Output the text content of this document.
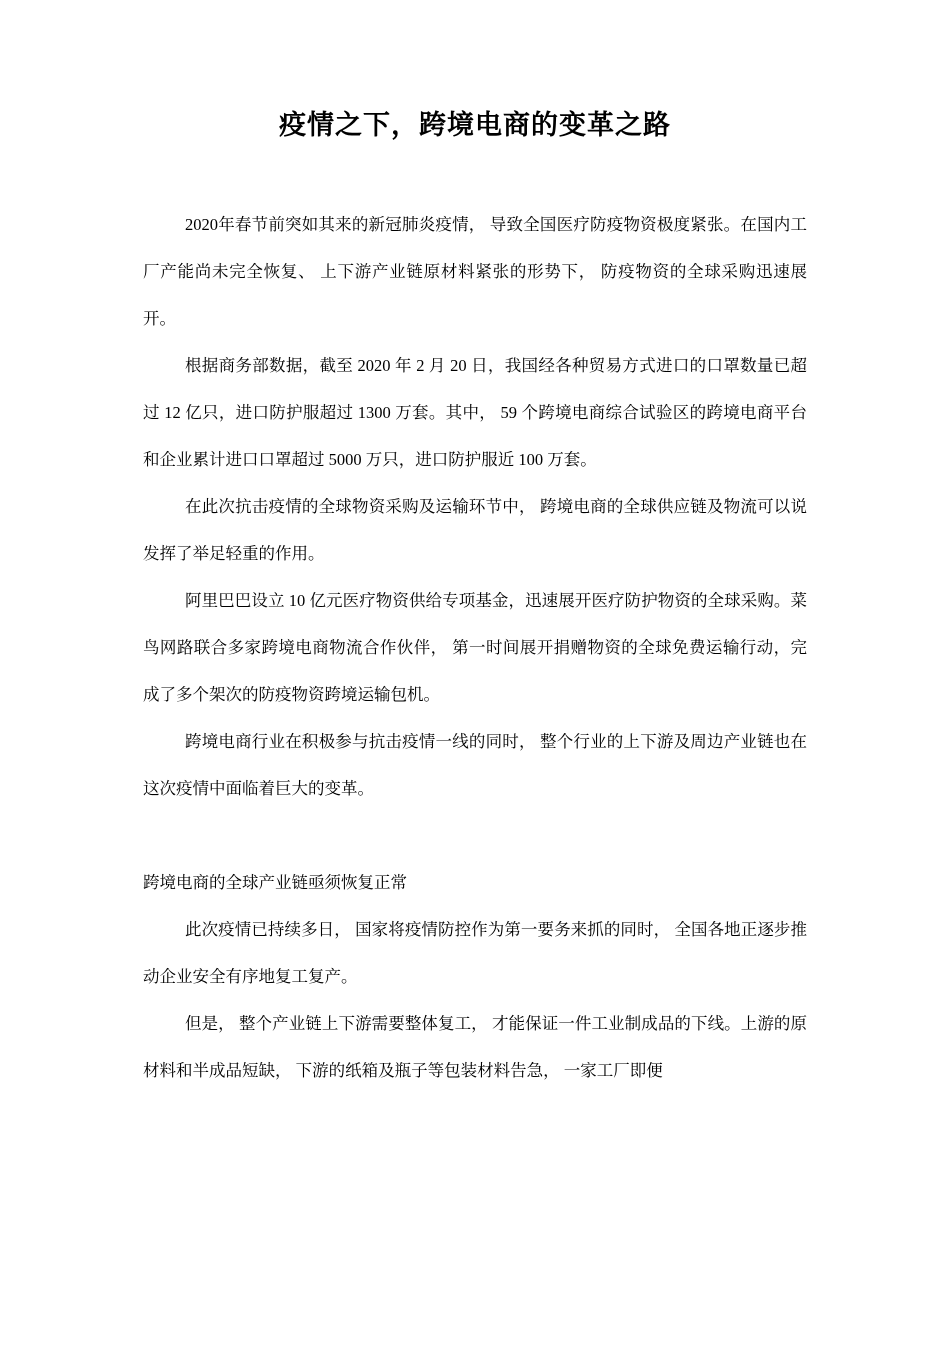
疫情之下，跨境电商的变革之路

2020年春节前突如其来的新冠肺炎疫情， 导致全国医疗防疫物资极度紧张。在国内工厂产能尚未完全恢复、 上下游产业链原材料紧张的形势下， 防疫物资的全球采购迅速展开。

根据商务部数据，截至 2020 年 2 月 20 日，我国经各种贸易方式进口的口罩数量已超过 12 亿只，进口防护服超过 1300 万套。其中， 59 个跨境电商综合试验区的跨境电商平台和企业累计进口口罩超过 5000 万只，进口防护服近 100 万套。

在此次抗击疫情的全球物资采购及运输环节中， 跨境电商的全球供应链及物流可以说发挥了举足轻重的作用。

阿里巴巴设立 10 亿元医疗物资供给专项基金，迅速展开医疗防护物资的全球采购。菜鸟网路联合多家跨境电商物流合作伙伴， 第一时间展开捐赠物资的全球免费运输行动，完成了多个架次的防疫物资跨境运输包机。

跨境电商行业在积极参与抗击疫情一线的同时， 整个行业的上下游及周边产业链也在这次疫情中面临着巨大的变革。

跨境电商的全球产业链亟须恢复正常

此次疫情已持续多日， 国家将疫情防控作为第一要务来抓的同时， 全国各地正逐步推动企业安全有序地复工复产。

但是， 整个产业链上下游需要整体复工， 才能保证一件工业制成品的下线。上游的原材料和半成品短缺， 下游的纸箱及瓶子等包装材料告急， 一家工厂即便
